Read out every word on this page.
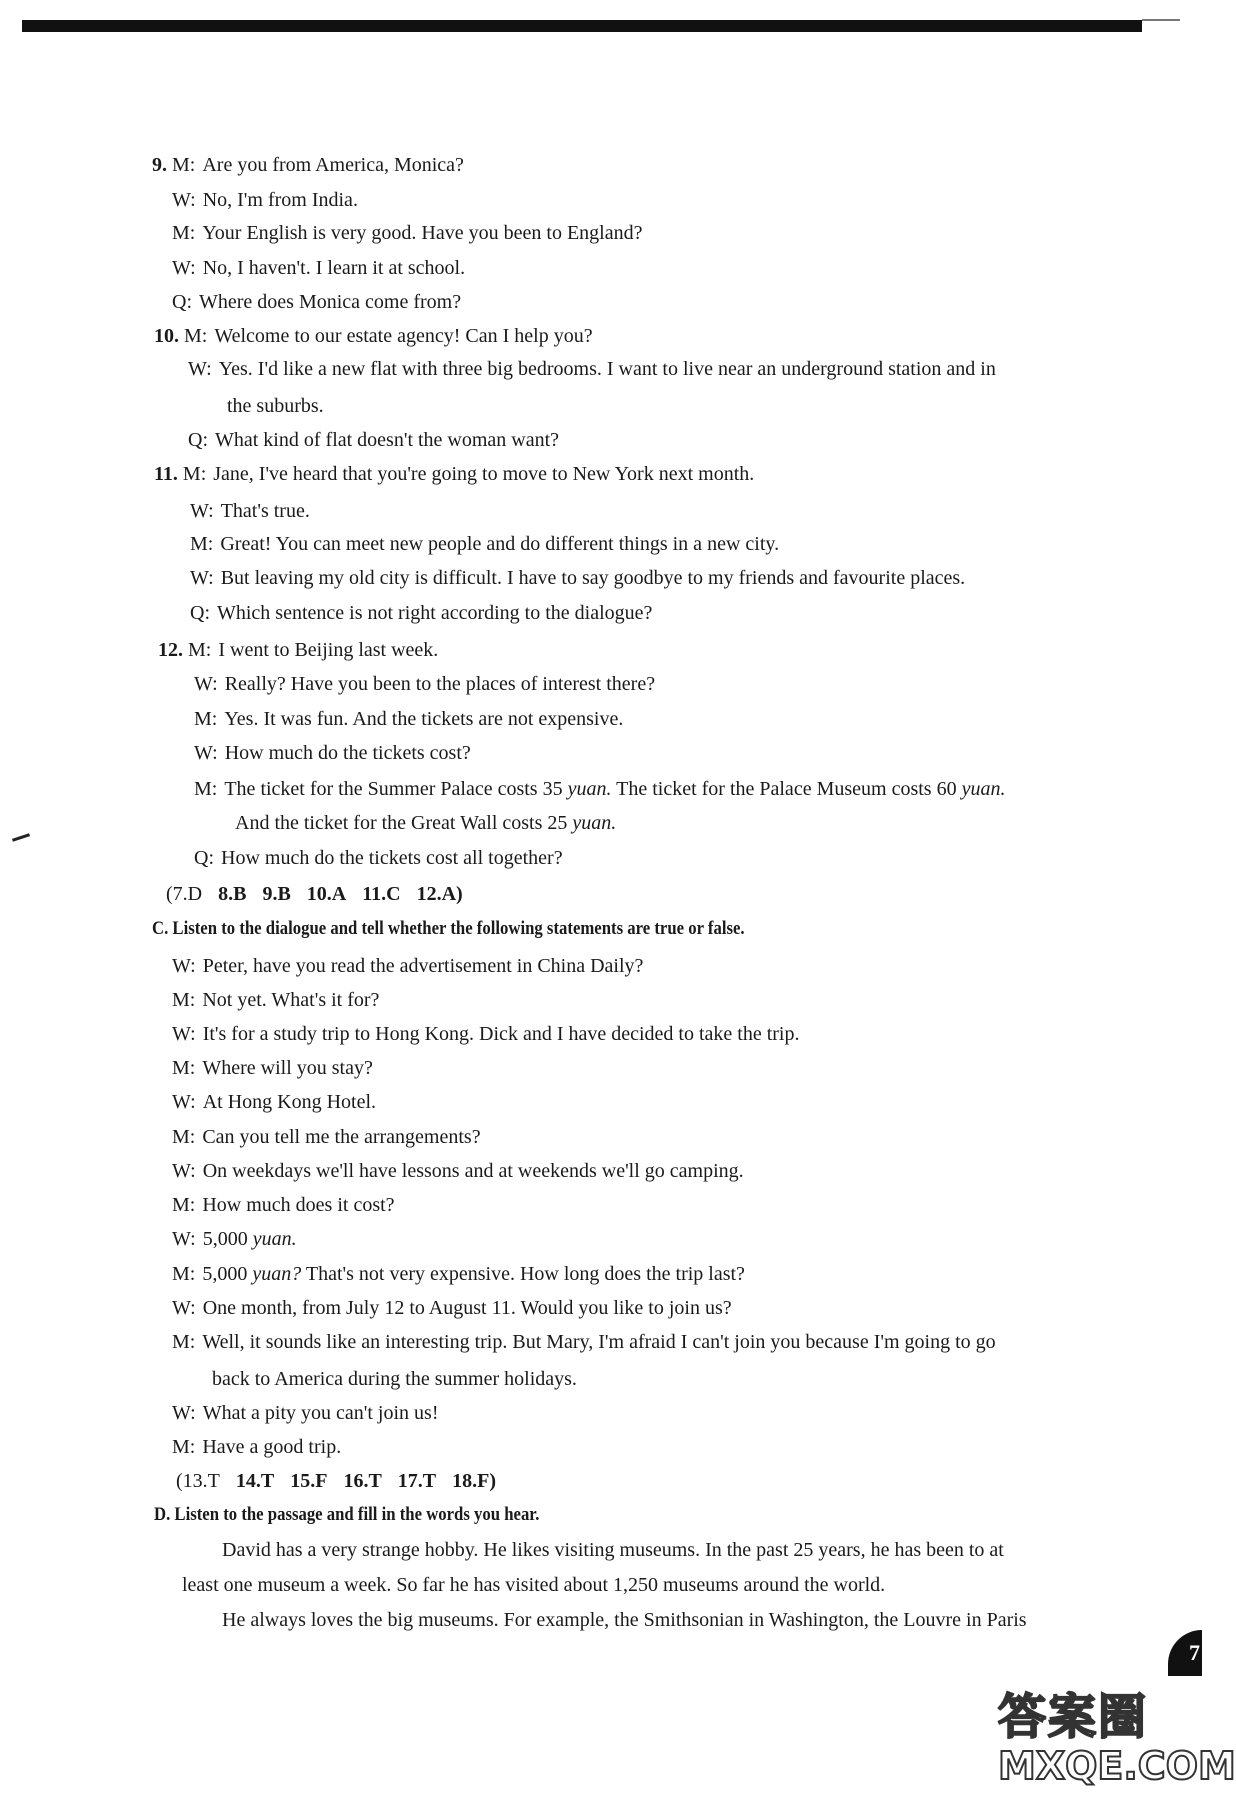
9. M: Are you from America, Monica?
W: No, I'm from India.
M: Your English is very good. Have you been to England?
W: No, I haven't. I learn it at school.
Q: Where does Monica come from?
10. M: Welcome to our estate agency! Can I help you?
W: Yes. I'd like a new flat with three big bedrooms. I want to live near an underground station and in
the suburbs.
Q: What kind of flat doesn't the woman want?
11. M: Jane, I've heard that you're going to move to New York next month.
W: That's true.
M: Great! You can meet new people and do different things in a new city.
W: But leaving my old city is difficult. I have to say goodbye to my friends and favourite places.
Q: Which sentence is not right according to the dialogue?
12. M: I went to Beijing last week.
W: Really? Have you been to the places of interest there?
M: Yes. It was fun. And the tickets are not expensive.
W: How much do the tickets cost?
M: The ticket for the Summer Palace costs 35 yuan. The ticket for the Palace Museum costs 60 yuan.
And the ticket for the Great Wall costs 25 yuan.
Q: How much do the tickets cost all together?
(7.D 8.B 9.B 10.A 11.C 12.A)
C. Listen to the dialogue and tell whether the following statements are true or false.
W: Peter, have you read the advertisement in China Daily?
M: Not yet. What's it for?
W: It's for a study trip to Hong Kong. Dick and I have decided to take the trip.
M: Where will you stay?
W: At Hong Kong Hotel.
M: Can you tell me the arrangements?
W: On weekdays we'll have lessons and at weekends we'll go camping.
M: How much does it cost?
W: 5,000 yuan.
M: 5,000 yuan? That's not very expensive. How long does the trip last?
W: One month, from July 12 to August 11. Would you like to join us?
M: Well, it sounds like an interesting trip. But Mary, I'm afraid I can't join you because I'm going to go
back to America during the summer holidays.
W: What a pity you can't join us!
M: Have a good trip.
(13.T 14.T 15.F 16.T 17.T 18.F)
D. Listen to the passage and fill in the words you hear.
David has a very strange hobby. He likes visiting museums. In the past 25 years, he has been to at
least one museum a week. So far he has visited about 1,250 museums around the world.
He always loves the big museums. For example, the Smithsonian in Washington, the Louvre in Paris
7
答案圈
MXQE.COM
